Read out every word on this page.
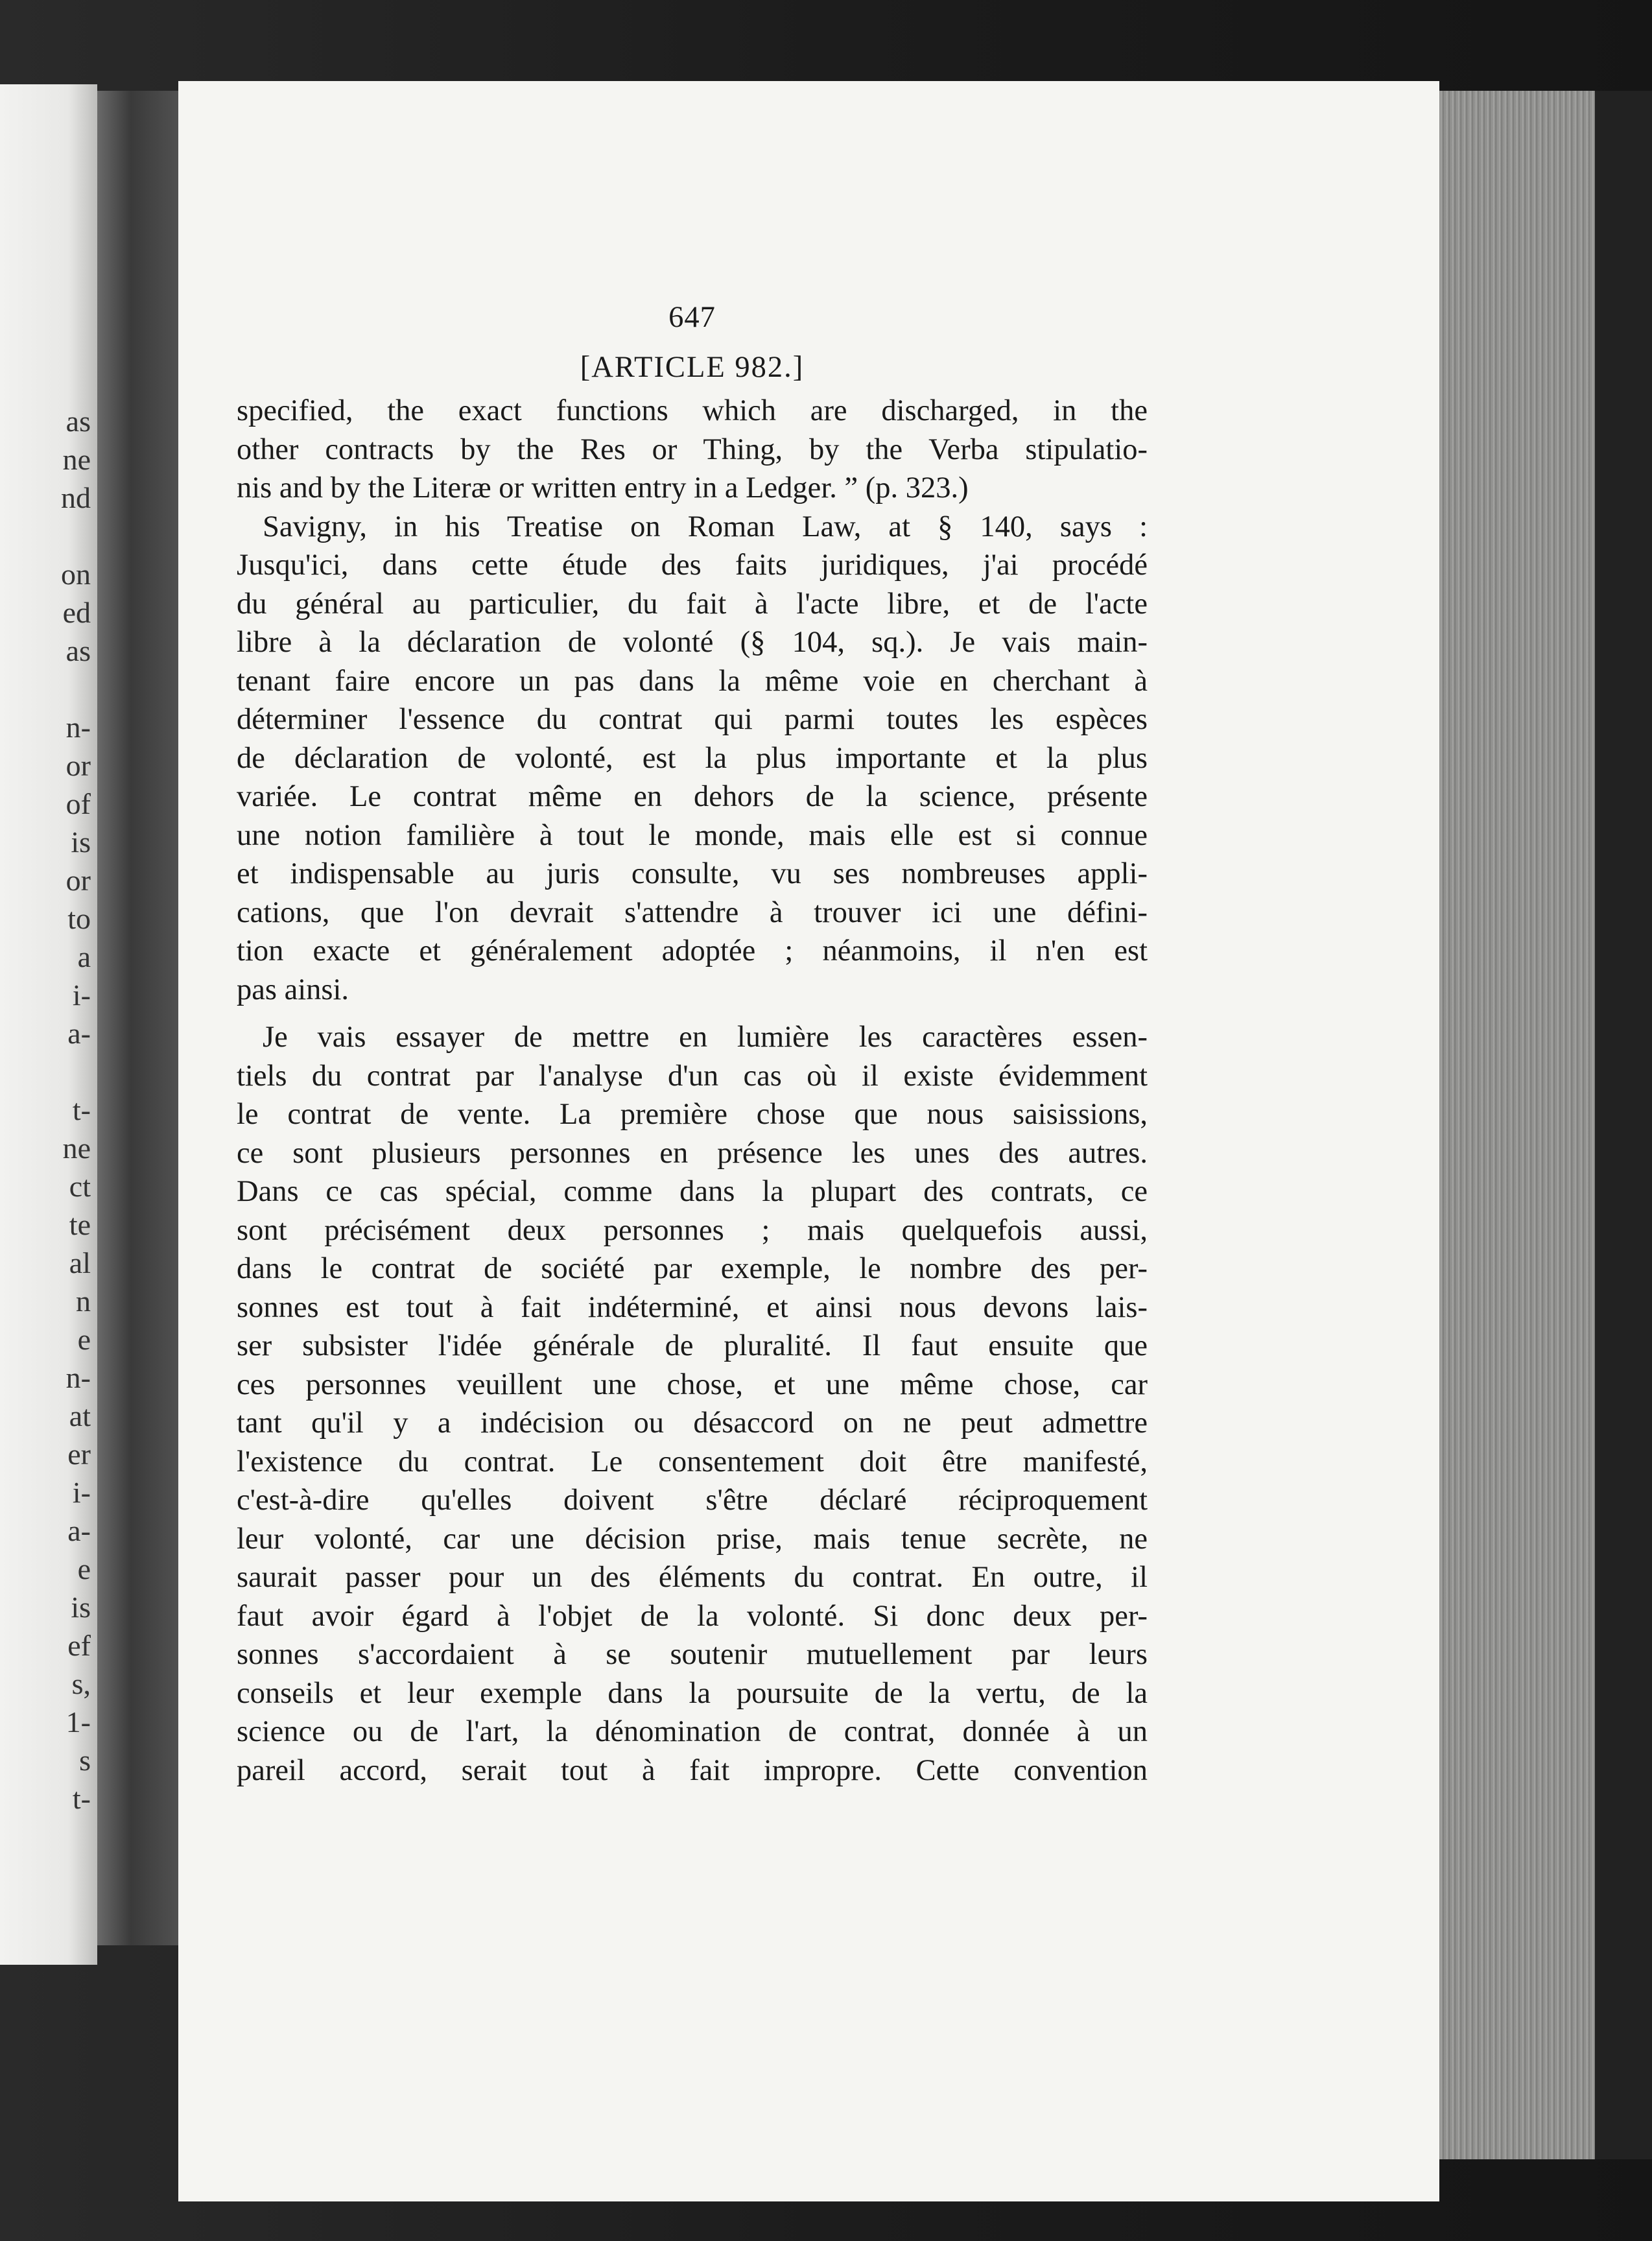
as
ne
nd
on
ed
as
n-
or
of
is
or
to
a
i-
a-
t-
ne
ct
te
al
n
e
n-
at
er
i-
a-
e
is
ef
s,
1-
s
t-
647
[ARTICLE 982.]
specified, the exact functions which are discharged, in the
other contracts by the Res or Thing, by the Verba stipulatio-
nis and by the Literæ or written entry in a Ledger. ” (p. 323.)
Savigny, in his Treatise on Roman Law, at § 140, says :
Jusqu'ici, dans cette étude des faits juridiques, j'ai procédé
du général au particulier, du fait à l'acte libre, et de l'acte
libre à la déclaration de volonté (§ 104, sq.). Je vais main-
tenant faire encore un pas dans la même voie en cherchant à
déterminer l'essence du contrat qui parmi toutes les espèces
de déclaration de volonté, est la plus importante et la plus
variée. Le contrat même en dehors de la science, présente
une notion familière à tout le monde, mais elle est si connue
et indispensable au juris consulte, vu ses nombreuses appli-
cations, que l'on devrait s'attendre à trouver ici une défini-
tion exacte et généralement adoptée ; néanmoins, il n'en est
pas ainsi.
Je vais essayer de mettre en lumière les caractères essen-
tiels du contrat par l'analyse d'un cas où il existe évidemment
le contrat de vente. La première chose que nous saisissions,
ce sont plusieurs personnes en présence les unes des autres.
Dans ce cas spécial, comme dans la plupart des contrats, ce
sont précisément deux personnes ; mais quelquefois aussi,
dans le contrat de société par exemple, le nombre des per-
sonnes est tout à fait indéterminé, et ainsi nous devons lais-
ser subsister l'idée générale de pluralité. Il faut ensuite que
ces personnes veuillent une chose, et une même chose, car
tant qu'il y a indécision ou désaccord on ne peut admettre
l'existence du contrat. Le consentement doit être manifesté,
c'est-à-dire qu'elles doivent s'être déclaré réciproquement
leur volonté, car une décision prise, mais tenue secrète, ne
saurait passer pour un des éléments du contrat. En outre, il
faut avoir égard à l'objet de la volonté. Si donc deux per-
sonnes s'accordaient à se soutenir mutuellement par leurs
conseils et leur exemple dans la poursuite de la vertu, de la
science ou de l'art, la dénomination de contrat, donnée à un
pareil accord, serait tout à fait impropre. Cette convention
